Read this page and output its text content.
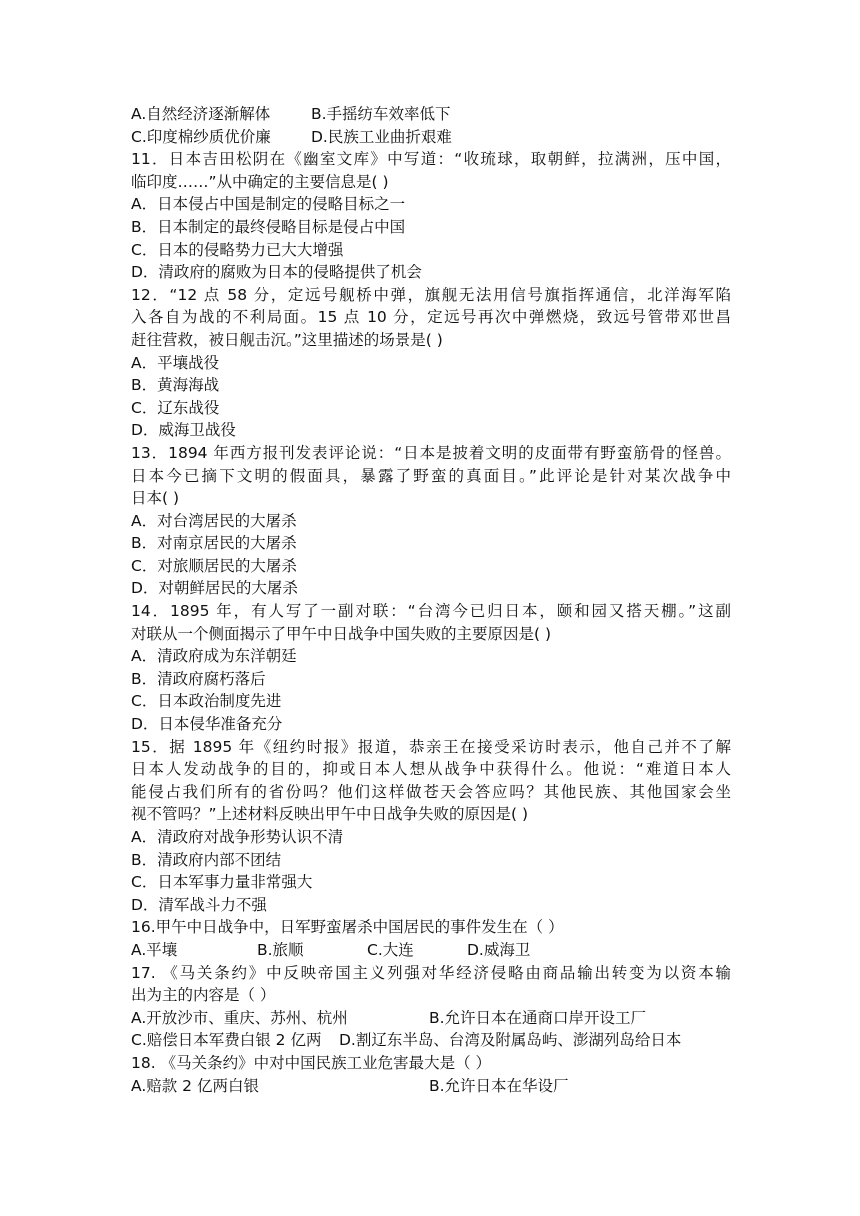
A.自然经济逐渐解体	B.手摇纺车效率低下
C.印度棉纱质优价廉	D.民族工业曲折艰难
11．日本吉田松阴在《幽室文库》中写道：“收琉球，取朝鲜，拉满洲，压中国，
临印度……”从中确定的主要信息是( )
A．日本侵占中国是制定的侵略目标之一
B．日本制定的最终侵略目标是侵占中国
C．日本的侵略势力已大大增强
D．清政府的腐败为日本的侵略提供了机会
12．“12 点 58 分，定远号舰桥中弹，旗舰无法用信号旗指挥通信，北洋海军陷
入各自为战的不利局面。15 点 10 分，定远号再次中弹燃烧，致远号管带邓世昌
赶往营救，被日舰击沉。”这里描述的场景是( )
A．平壤战役
B．黄海海战
C．辽东战役
D．威海卫战役
13．1894 年西方报刊发表评论说：“日本是披着文明的皮面带有野蛮筋骨的怪兽。
日本今已摘下文明的假面具，暴露了野蛮的真面目。”此评论是针对某次战争中
日本( )
A．对台湾居民的大屠杀
B．对南京居民的大屠杀
C．对旅顺居民的大屠杀
D．对朝鲜居民的大屠杀
14．1895 年，有人写了一副对联：“台湾今已归日本，颐和园又搭天棚。”这副
对联从一个侧面揭示了甲午中日战争中国失败的主要原因是( )
A．清政府成为东洋朝廷
B．清政府腐朽落后
C．日本政治制度先进
D．日本侵华准备充分
15．据 1895 年《纽约时报》报道，恭亲王在接受采访时表示，他自己并不了解
日本人发动战争的目的，抑或日本人想从战争中获得什么。他说：“难道日本人
能侵占我们所有的省份吗？他们这样做苍天会答应吗？其他民族、其他国家会坐
视不管吗？”上述材料反映出甲午中日战争失败的原因是( )
A．清政府对战争形势认识不清
B．清政府内部不团结
C．日本军事力量非常强大
D．清军战斗力不强
16.甲午中日战争中，日军野蛮屠杀中国居民的事件发生在（ ）
A.平壤	B.旅顺	C.大连	D.威海卫
17. 《马关条约》中反映帝国主义列强对华经济侵略由商品输出转变为以资本输
出为主的内容是（ ）
A.开放沙市、重庆、苏州、杭州	B.允许日本在通商口岸开设工厂
C.赔偿日本军费白银 2 亿两	D.割辽东半岛、台湾及附属岛屿、澎湖列岛给日本
18. 《马关条约》中对中国民族工业危害最大是（ ）
A.赔款 2 亿两白银	B.允许日本在华设厂
